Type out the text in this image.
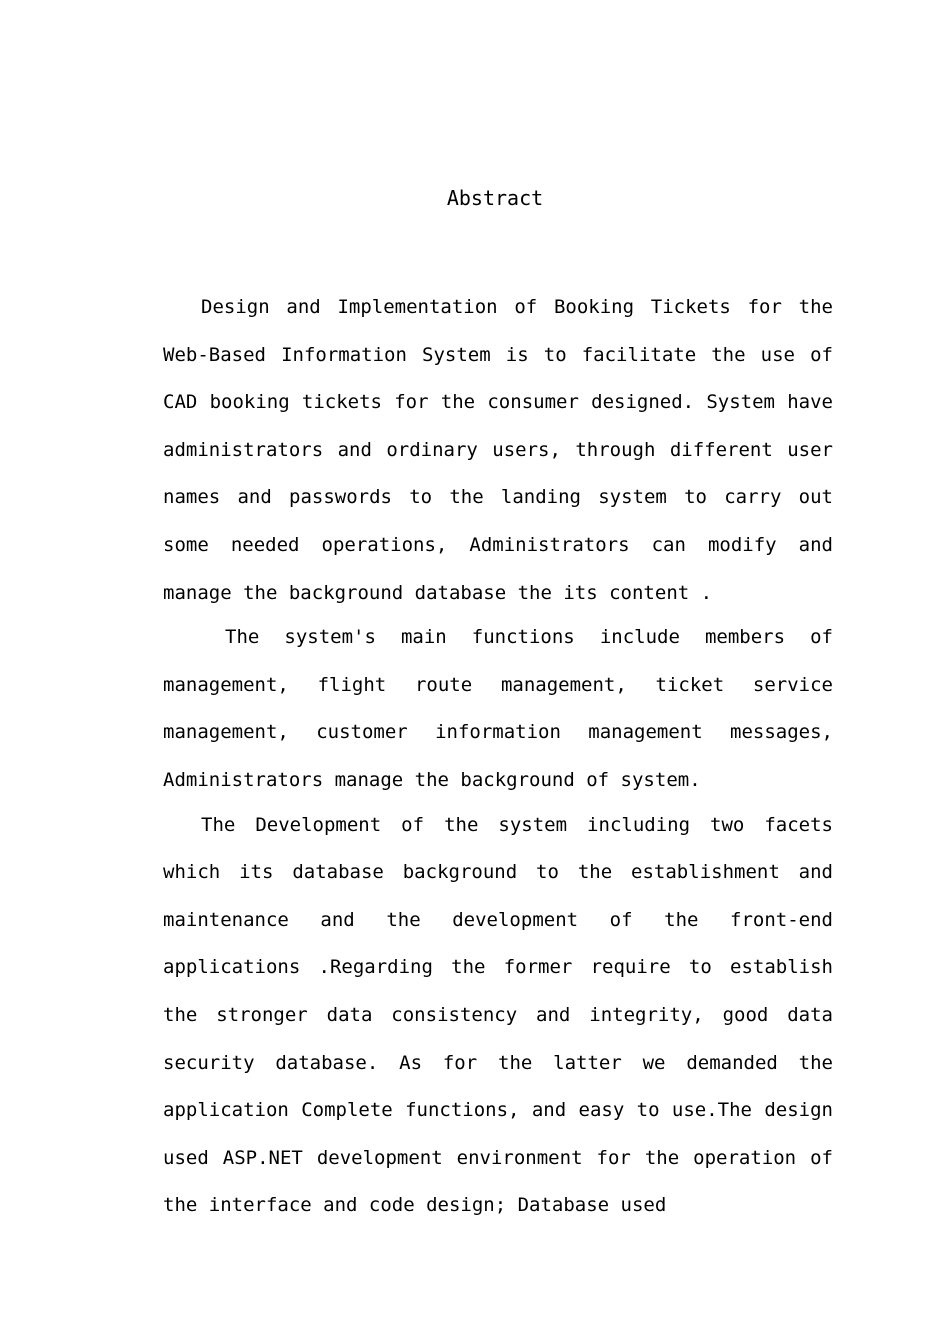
Abstract

Design and Implementation of Booking Tickets for the Web-Based Information System is to facilitate the use of CAD booking tickets for the consumer designed. System have administrators and ordinary users, through different user names and passwords to the landing system to carry out some needed operations, Administrators can modify and manage the background database the its content .

The system's main functions include members of management, flight route management, ticket service management, customer information management messages, Administrators manage the background of system.

The Development of the system including two facets which its database background to the establishment and maintenance and the development of the front-end applications .Regarding the former require to establish the stronger data consistency and integrity, good data security database. As for the latter we demanded the application Complete functions, and easy to use.The design used ASP.NET development environment for the operation of the interface and code design; Database used
